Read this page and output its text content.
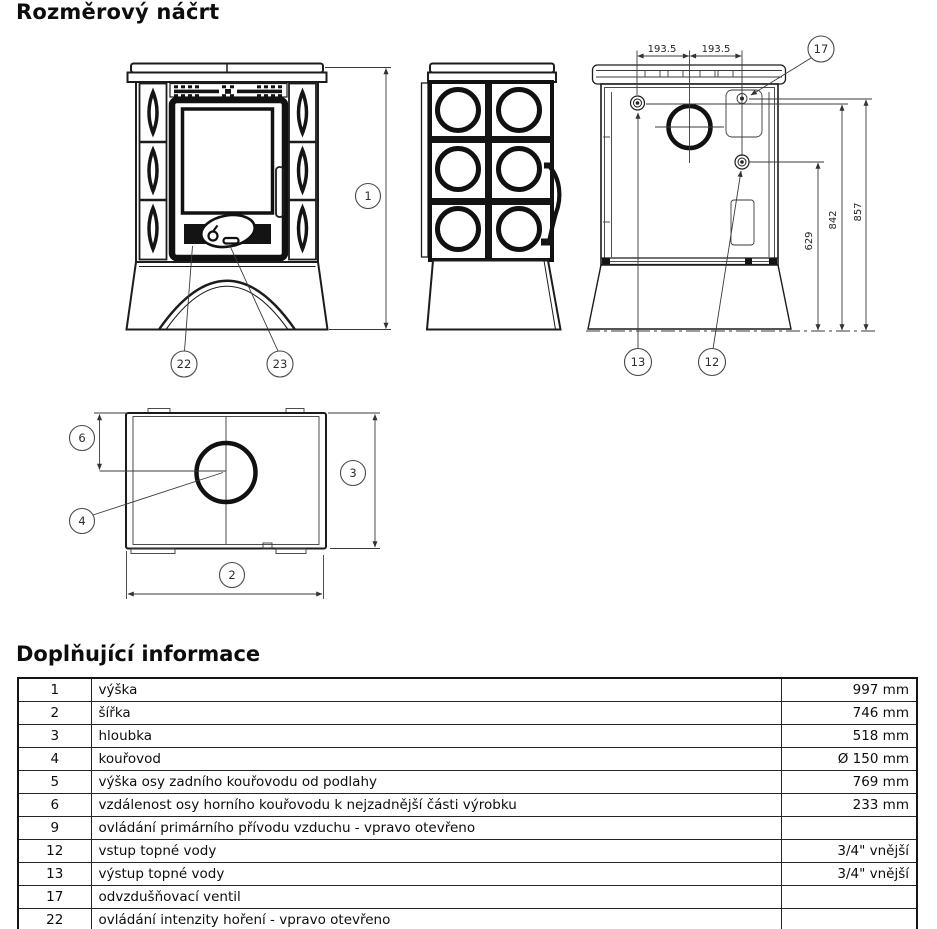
Rozměrový náčrt
1
22	23
193.5	193.5
629
842 857
17
13	12
6
4
3
2
Doplňující informace
1	výška	997 mm
2	šířka	746 mm
3	hloubka	518 mm
4	kouřovod	Ø 150 mm
5	výška osy zadního kouřovodu od podlahy	769 mm
6	vzdálenost osy horního kouřovodu k nejzadnější části výrobku	233 mm
9	ovládání primárního přívodu vzduchu - vpravo otevřeno	
12	vstup topné vody	3/4" vnější
13	výstup topné vody	3/4" vnější
17	odvzdušňovací ventil	
22	ovládání intenzity hoření - vpravo otevřeno	
